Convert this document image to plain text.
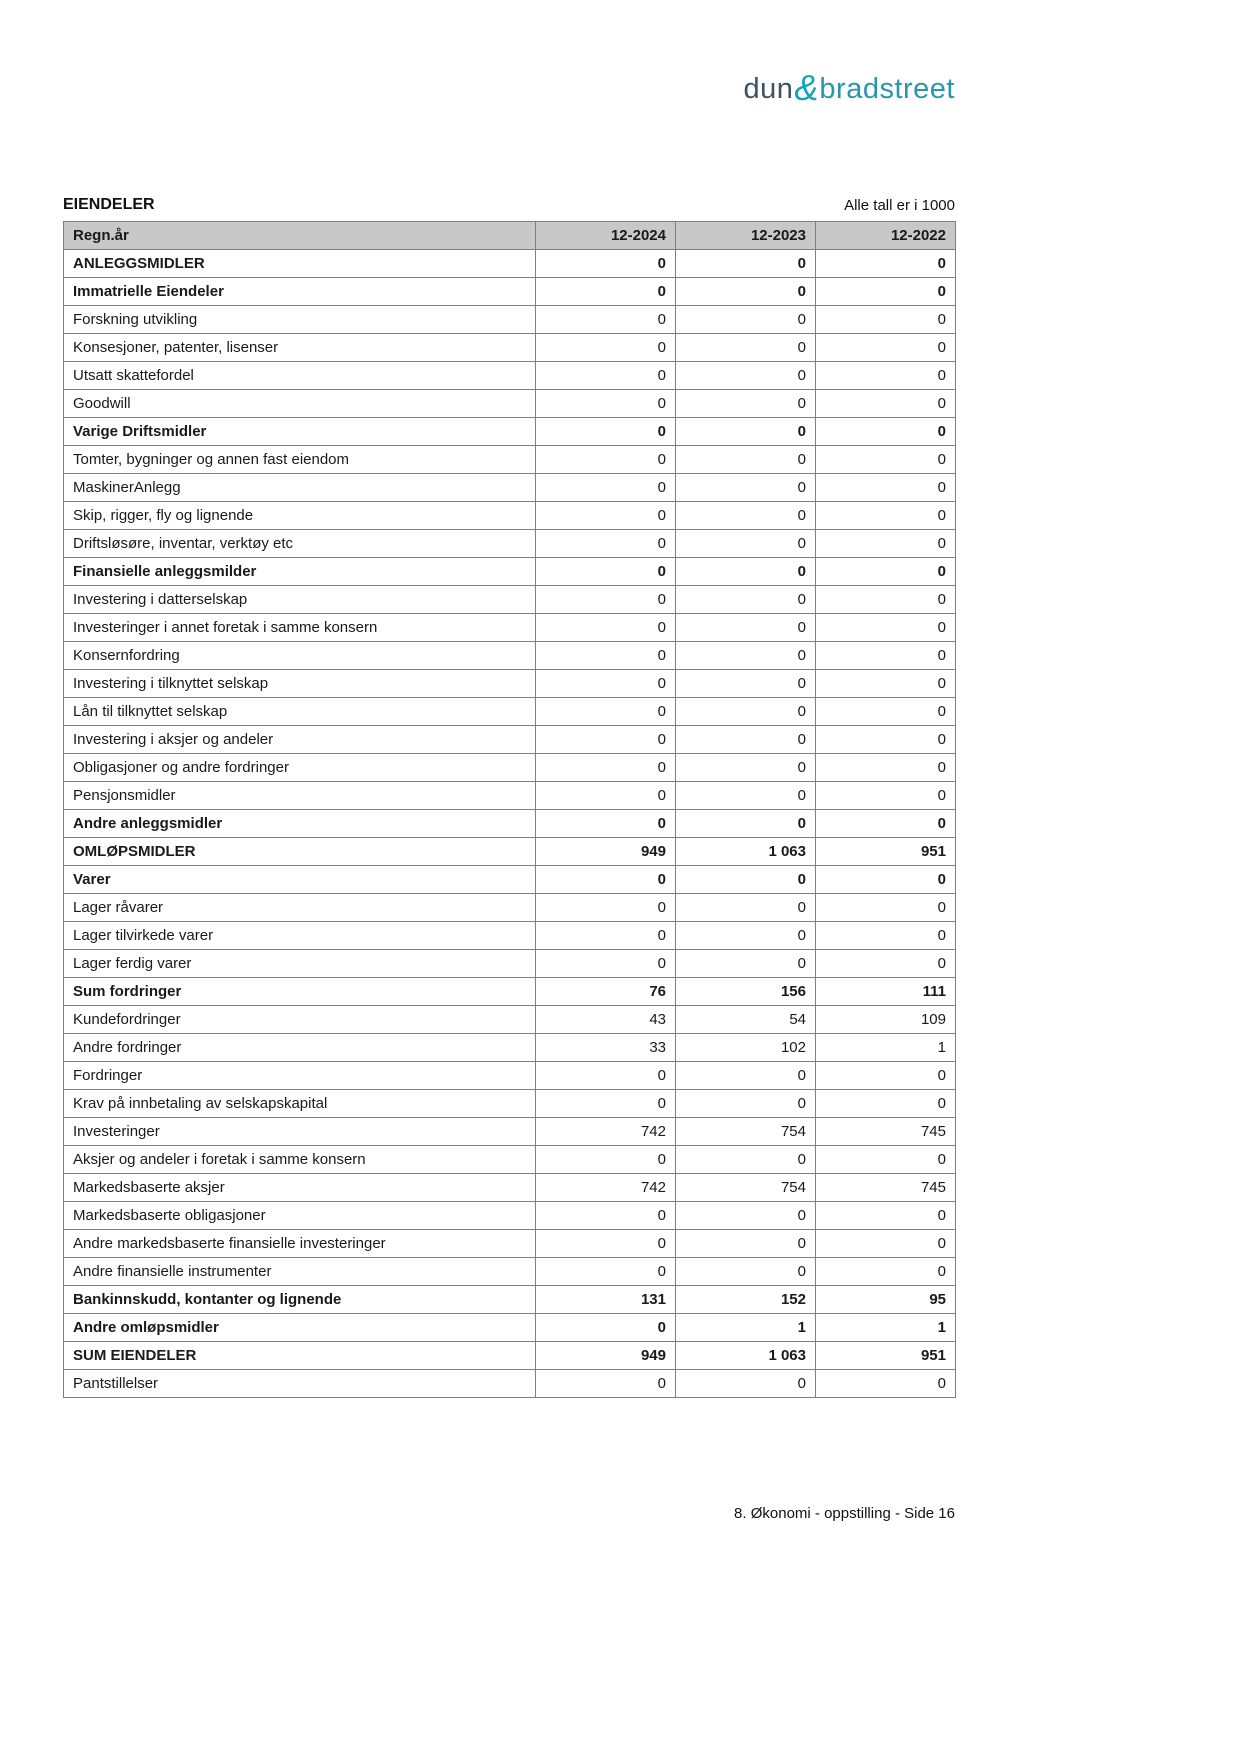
dun&bradstreet
EIENDELER	Alle tall er i 1000
Regn.år	12-2024	12-2023	12-2022
ANLEGGSMIDLER	0	0	0
Immatrielle Eiendeler	0	0	0
Forskning utvikling	0	0	0
Konsesjoner, patenter, lisenser	0	0	0
Utsatt skattefordel	0	0	0
Goodwill	0	0	0
Varige Driftsmidler	0	0	0
Tomter, bygninger og annen fast eiendom	0	0	0
MaskinerAnlegg	0	0	0
Skip, rigger, fly og lignende	0	0	0
Driftsløsøre, inventar, verktøy etc	0	0	0
Finansielle anleggsmilder	0	0	0
Investering i datterselskap	0	0	0
Investeringer i annet foretak i samme konsern	0	0	0
Konsernfordring	0	0	0
Investering i tilknyttet selskap	0	0	0
Lån til tilknyttet selskap	0	0	0
Investering i aksjer og andeler	0	0	0
Obligasjoner og andre fordringer	0	0	0
Pensjonsmidler	0	0	0
Andre anleggsmidler	0	0	0
OMLØPSMIDLER	949	1 063	951
Varer	0	0	0
Lager råvarer	0	0	0
Lager tilvirkede varer	0	0	0
Lager ferdig varer	0	0	0
Sum fordringer	76	156	111
Kundefordringer	43	54	109
Andre fordringer	33	102	1
Fordringer	0	0	0
Krav på innbetaling av selskapskapital	0	0	0
Investeringer	742	754	745
Aksjer og andeler i foretak i samme konsern	0	0	0
Markedsbaserte aksjer	742	754	745
Markedsbaserte obligasjoner	0	0	0
Andre markedsbaserte finansielle investeringer	0	0	0
Andre finansielle instrumenter	0	0	0
Bankinnskudd, kontanter og lignende	131	152	95
Andre omløpsmidler	0	1	1
SUM EIENDELER	949	1 063	951
Pantstillelser	0	0	0
8. Økonomi - oppstilling - Side 16
